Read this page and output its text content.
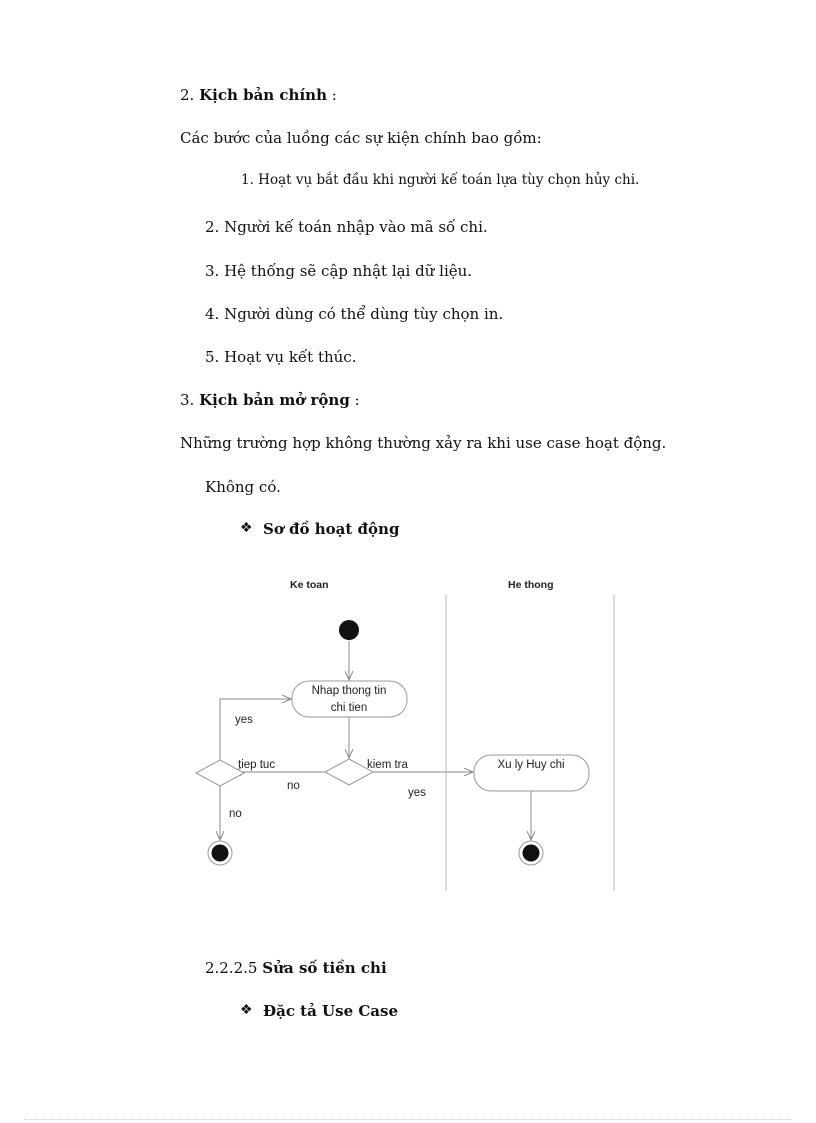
2. Kịch bản chính :
Các bước của luồng các sự kiện chính bao gồm:
1. Hoạt vụ bắt đầu khi người kế toán lựa tùy chọn hủy chi.
2. Người kế toán nhập vào mã số chi.
3. Hệ thống sẽ cập nhật lại dữ liệu.
4. Người dùng có thể dùng tùy chọn in.
5. Hoạt vụ kết thúc.
3. Kịch bản mở rộng :
Những trường hợp không thường xảy ra khi use case hoạt động.
Không có.
❖ Sơ đồ hoạt động
Ke toan	He thong
Nhap thong tin
chi tien
kiem tra
yes
no
tiep tuc
yes
no
Xu ly Huy chi
2.2.2.5 Sửa số tiền chi
❖ Đặc tả Use Case
